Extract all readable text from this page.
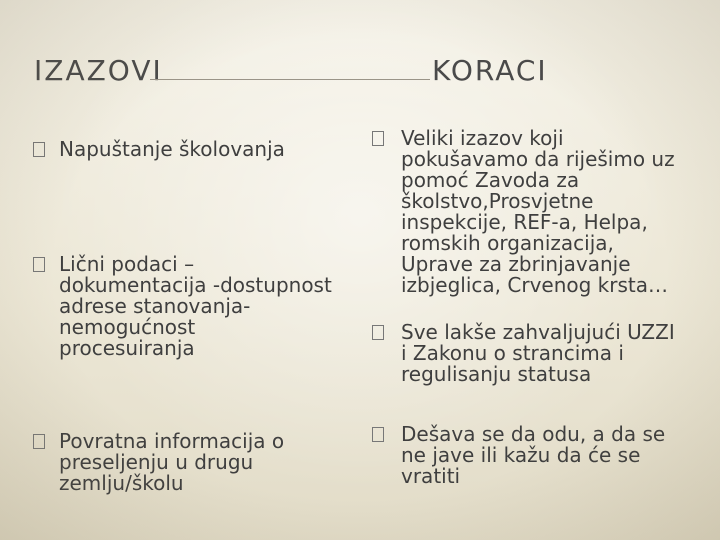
IZAZOVI	KORACI
Napuštanje školovanja
Lični podaci –
dokumentacija -dostupnost
adrese stanovanja-
nemogućnost
procesuiranja
Povratna informacija o
preseljenju u drugu
zemlju/školu
Veliki izazov koji
pokušavamo da riješimo uz
pomoć Zavoda za
školstvo,Prosvjetne
inspekcije, REF-a, Helpa,
romskih organizacija,
Uprave za zbrinjavanje
izbjeglica, Crvenog krsta…
Sve lakše zahvaljujući UZZI
i Zakonu o strancima i
regulisanju statusa
Dešava se da odu, a da se
ne jave ili kažu da će se
vratiti
